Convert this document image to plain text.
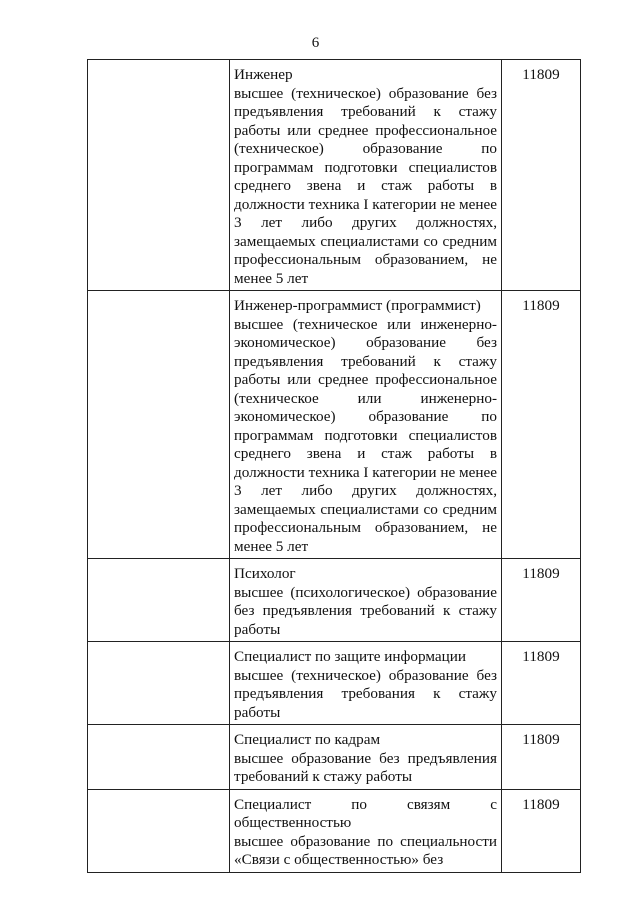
6

	Инженер
высшее (техническое) образование без предъявления требований к стажу работы или среднее профессиональное (техническое) образование по программам подготовки специалистов среднего звена и стаж работы в должности техника I категории не менее 3 лет либо других должностях, замещаемых специалистами со средним профессиональным образованием, не менее 5 лет	11809

	Инженер-программист (программист)
высшее (техническое или инженерно-экономическое) образование без предъявления требований к стажу работы или среднее профессиональное (техническое или инженерно-экономическое) образование по программам подготовки специалистов среднего звена и стаж работы в должности техника I категории не менее 3 лет либо других должностях, замещаемых специалистами со средним профессиональным образованием, не менее 5 лет	11809

	Психолог
высшее (психологическое) образование без предъявления требований к стажу работы	11809

	Специалист по защите информации
высшее (техническое) образование без предъявления требования к стажу работы	11809

	Специалист по кадрам
высшее образование без предъявления требований к стажу работы	11809

	Специалист по связям с общественностью
высшее образование по специальности «Связи с общественностью» без	11809
